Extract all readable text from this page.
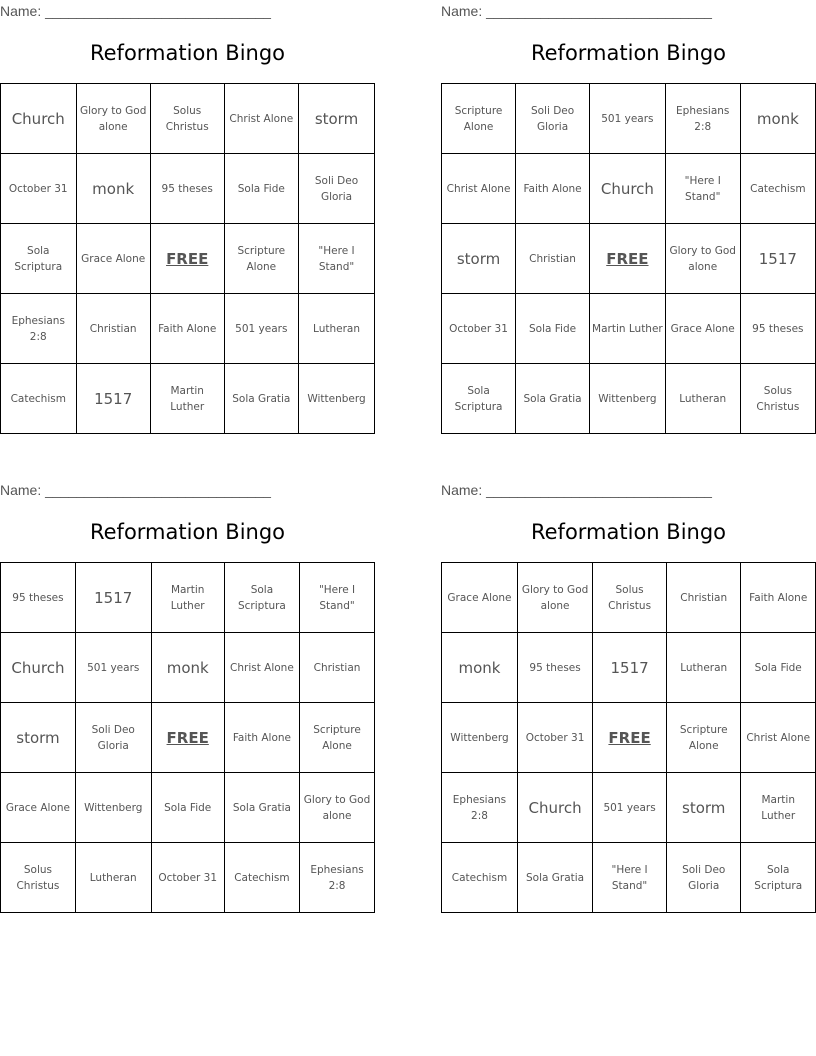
Name: _____________________________
Reformation Bingo
Church	Glory to God alone	Solus Christus	Christ Alone	storm
October 31	monk	95 theses	Sola Fide	Soli Deo Gloria
Sola Scriptura	Grace Alone	FREE	Scripture Alone	"Here I Stand"
Ephesians 2:8	Christian	Faith Alone	501 years	Lutheran
Catechism	1517	Martin Luther	Sola Gratia	Wittenberg
Name: _____________________________
Reformation Bingo
Scripture Alone	Soli Deo Gloria	501 years	Ephesians 2:8	monk
Christ Alone	Faith Alone	Church	"Here I Stand"	Catechism
storm	Christian	FREE	Glory to God alone	1517
October 31	Sola Fide	Martin Luther	Grace Alone	95 theses
Sola Scriptura	Sola Gratia	Wittenberg	Lutheran	Solus Christus
Name: _____________________________
Reformation Bingo
95 theses	1517	Martin Luther	Sola Scriptura	"Here I Stand"
Church	501 years	monk	Christ Alone	Christian
storm	Soli Deo Gloria	FREE	Faith Alone	Scripture Alone
Grace Alone	Wittenberg	Sola Fide	Sola Gratia	Glory to God alone
Solus Christus	Lutheran	October 31	Catechism	Ephesians 2:8
Name: _____________________________
Reformation Bingo
Grace Alone	Glory to God alone	Solus Christus	Christian	Faith Alone
monk	95 theses	1517	Lutheran	Sola Fide
Wittenberg	October 31	FREE	Scripture Alone	Christ Alone
Ephesians 2:8	Church	501 years	storm	Martin Luther
Catechism	Sola Gratia	"Here I Stand"	Soli Deo Gloria	Sola Scriptura
